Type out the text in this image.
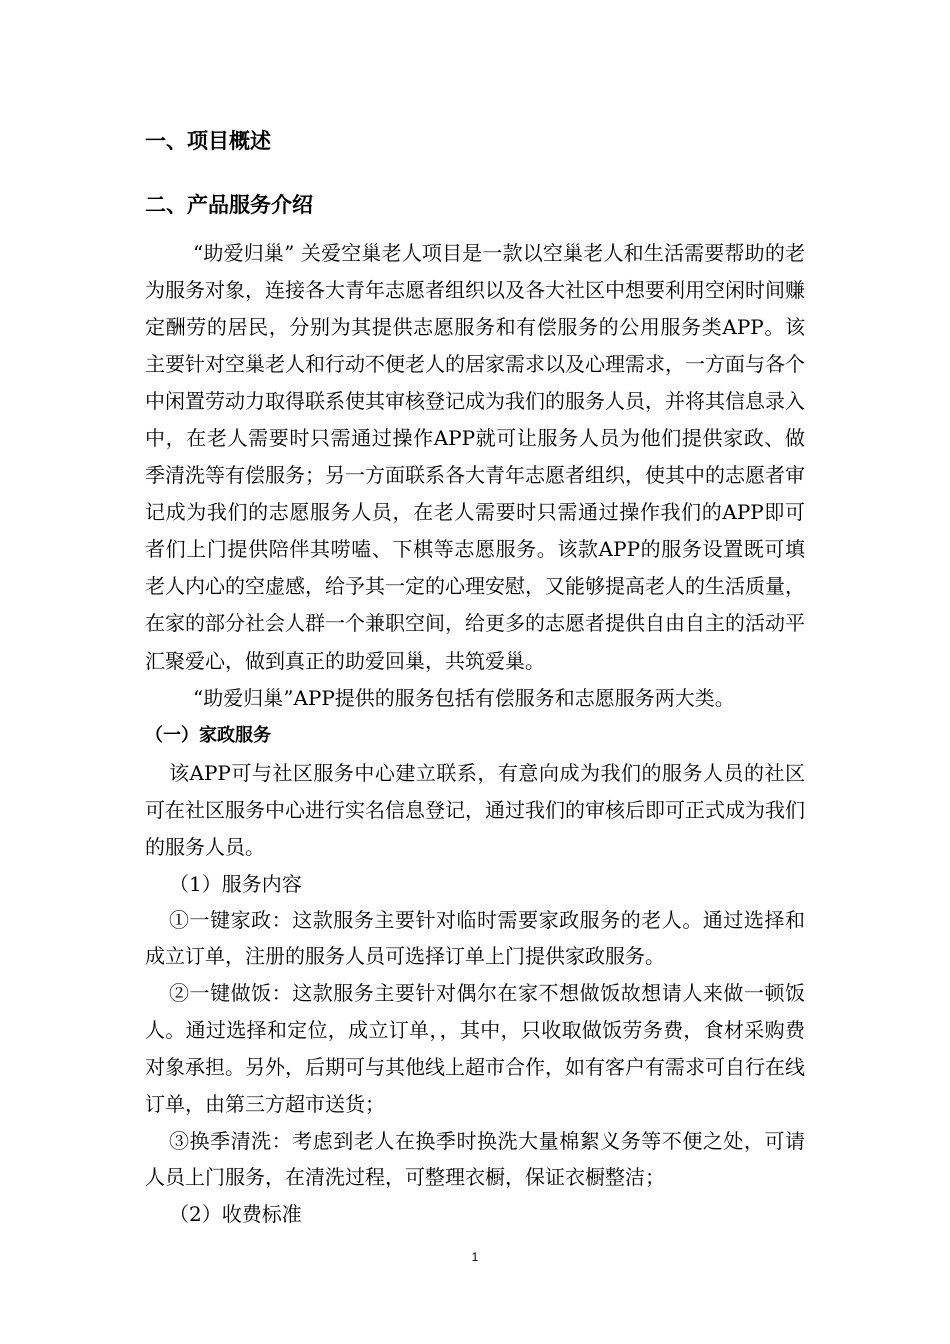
一、项目概述
二、产品服务介绍
“助爱归巢” 关爱空巢老人项目是一款以空巢老人和生活需要帮助的老
为服务对象，连接各大青年志愿者组织以及各大社区中想要利用空闲时间赚
定酬劳的居民，分别为其提供志愿服务和有偿服务的公用服务类APP。该
主要针对空巢老人和行动不便老人的居家需求以及心理需求，一方面与各个
中闲置劳动力取得联系使其审核登记成为我们的服务人员，并将其信息录入
中，在老人需要时只需通过操作APP就可让服务人员为他们提供家政、做
季清洗等有偿服务；另一方面联系各大青年志愿者组织，使其中的志愿者审
记成为我们的志愿服务人员，在老人需要时只需通过操作我们的APP即可
者们上门提供陪伴其唠嗑、下棋等志愿服务。该款APP的服务设置既可填
老人内心的空虚感，给予其一定的心理安慰，又能够提高老人的生活质量，
在家的部分社会人群一个兼职空间，给更多的志愿者提供自由自主的活动平
汇聚爱心，做到真正的助爱回巢，共筑爱巢。
“助爱归巢”APP提供的服务包括有偿服务和志愿服务两大类。
（一）家政服务
该APP可与社区服务中心建立联系，有意向成为我们的服务人员的社区
可在社区服务中心进行实名信息登记，通过我们的审核后即可正式成为我们
的服务人员。
（1）服务内容
①一键家政：这款服务主要针对临时需要家政服务的老人。通过选择和
成立订单，注册的服务人员可选择订单上门提供家政服务。
②一键做饭：这款服务主要针对偶尔在家不想做饭故想请人来做一顿饭
人。通过选择和定位，成立订单，，其中，只收取做饭劳务费，食材采购费
对象承担。另外，后期可与其他线上超市合作，如有客户有需求可自行在线
订单，由第三方超市送货；
③换季清洗：考虑到老人在换季时换洗大量棉絮义务等不便之处，可请
人员上门服务，在清洗过程，可整理衣橱，保证衣橱整洁；
（2）收费标准
1
